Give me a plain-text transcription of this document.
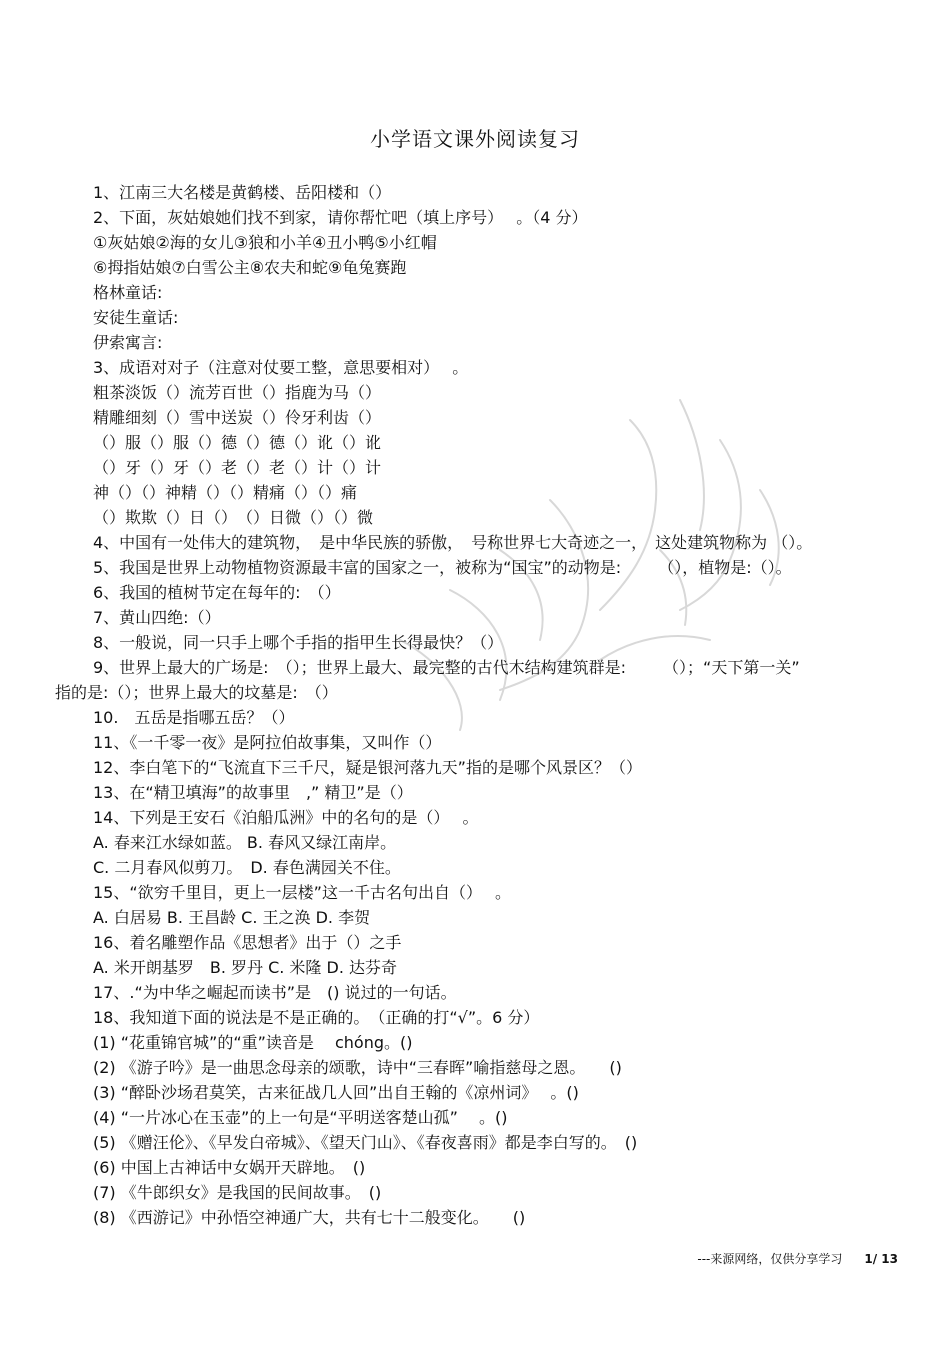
小学语文课外阅读复习
1、江南三大名楼是黄鹤楼、岳阳楼和（）
2、下面，灰姑娘她们找不到家，请你帮忙吧（填上序号）　 。（4 分）
①灰姑娘②海的女儿③狼和小羊④丑小鸭⑤小红帽
⑥拇指姑娘⑦白雪公主⑧农夫和蛇⑨龟兔赛跑
格林童话:
安徒生童话:
伊索寓言:
3、成语对对子（注意对仗要工整，意思要相对）　 。
粗茶淡饭（）流芳百世（）指鹿为马（）
精雕细刻（）雪中送炭（）伶牙利齿（）
（）服（）服（）德（）德（）讹（）讹
（）牙（）牙（）老（）老（）计（）计
神（）（）神精（）（）精痛（）（）痛
（）欺欺（）日（）　（）日微（）（）微
4、中国有一处伟大的建筑物，　是中华民族的骄傲，　号称世界七大奇迹之一，　这处建筑物称为 （）。
5、我国是世界上动物植物资源最丰富的国家之一，被称为“国宝”的动物是:　　 （），植物是:（）。
6、我国的植树节定在每年的:　（）
7、黄山四绝:（）
8、一般说，同一只手上哪个手指的指甲生长得最快？（）
9、世界上最大的广场是:　（）；世界上最大、最完整的古代木结构建筑群是:　　 （）；“天下第一关”
指的是:（）；世界上最大的坟墓是:　（）
10.　五岳是指哪五岳？（）
11、《一千零一夜》是阿拉伯故事集，又叫作（）
12、李白笔下的“飞流直下三千尺，疑是银河落九天”指的是哪个风景区？（）
13、在“精卫填海”的故事里　,” 精卫”是（）
14、下列是王安石《泊船瓜洲》中的名句的是（）　 。
A. 春来江水绿如蓝。 B. 春风又绿江南岸。
C. 二月春风似剪刀。　D. 春色满园关不住。
15、“欲穷千里目，更上一层楼”这一千古名句出自（）　 。
A. 白居易 B. 王昌龄 C. 王之涣 D. 李贺
16、着名雕塑作品《思想者》出于（）之手
A. 米开朗基罗　B. 罗丹 C. 米隆 D. 达芬奇
17、.“为中华之崛起而读书”是　() 说过的一句话。
18、我知道下面的说法是不是正确的。　（正确的打“√”。6 分）
(1) “花重锦官城”的“重”读音是　 chóng。()
(2) 《游子吟》是一曲思念母亲的颂歌，诗中“三春晖”喻指慈母之恩。　　()
(3) “醉卧沙场君莫笑，古来征战几人回”出自王翰的《凉州词》　 。()
(4) “一片冰心在玉壶”的上一句是“平明送客楚山孤”　 。()
(5) 《赠汪伦》、《早发白帝城》、《望天门山》、《春夜喜雨》都是李白写的。　()
(6) 中国上古神话中女娲开天辟地。　()
(7) 《牛郎织女》是我国的民间故事。　()
(8) 《西游记》中孙悟空神通广大，共有七十二般变化。　　()
---来源网络，仅供分享学习 1/ 13
